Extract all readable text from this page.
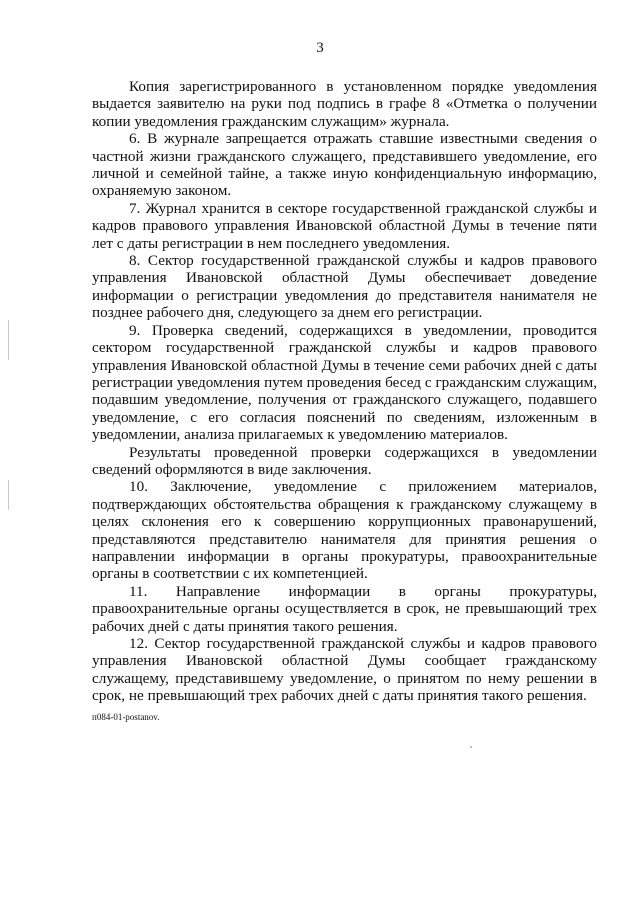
3

Копия зарегистрированного в установленном порядке уведомления выдается заявителю на руки под подпись в графе 8 «Отметка о получении копии уведомления гражданским служащим» журнала.

6. В журнале запрещается отражать ставшие известными сведения о частной жизни гражданского служащего, представившего уведомление, его личной и семейной тайне, а также иную конфиденциальную информацию, охраняемую законом.

7. Журнал хранится в секторе государственной гражданской службы и кадров правового управления Ивановской областной Думы в течение пяти лет с даты регистрации в нем последнего уведомления.

8. Сектор государственной гражданской службы и кадров правового управления Ивановской областной Думы обеспечивает доведение информации о регистрации уведомления до представителя нанимателя не позднее рабочего дня, следующего за днем его регистрации.

9. Проверка сведений, содержащихся в уведомлении, проводится сектором государственной гражданской службы и кадров правового управления Ивановской областной Думы в течение семи рабочих дней с даты регистрации уведомления путем проведения бесед с гражданским служащим, подавшим уведомление, получения от гражданского служащего, подавшего уведомление, с его согласия пояснений по сведениям, изложенным в уведомлении, анализа прилагаемых к уведомлению материалов.

Результаты проведенной проверки содержащихся в уведомлении сведений оформляются в виде заключения.

10. Заключение, уведомление с приложением материалов, подтверждающих обстоятельства обращения к гражданскому служащему в целях склонения его к совершению коррупционных правонарушений, представляются представителю нанимателя для принятия решения о направлении информации в органы прокуратуры, правоохранительные органы в соответствии с их компетенцией.

11. Направление информации в органы прокуратуры, правоохранительные органы осуществляется в срок, не превышающий трех рабочих дней с даты принятия такого решения.

12. Сектор государственной гражданской службы и кадров правового управления Ивановской областной Думы сообщает гражданскому служащему, представившему уведомление, о принятом по нему решении в срок, не превышающий трех рабочих дней с даты принятия такого решения.

п084-01-postanov.
